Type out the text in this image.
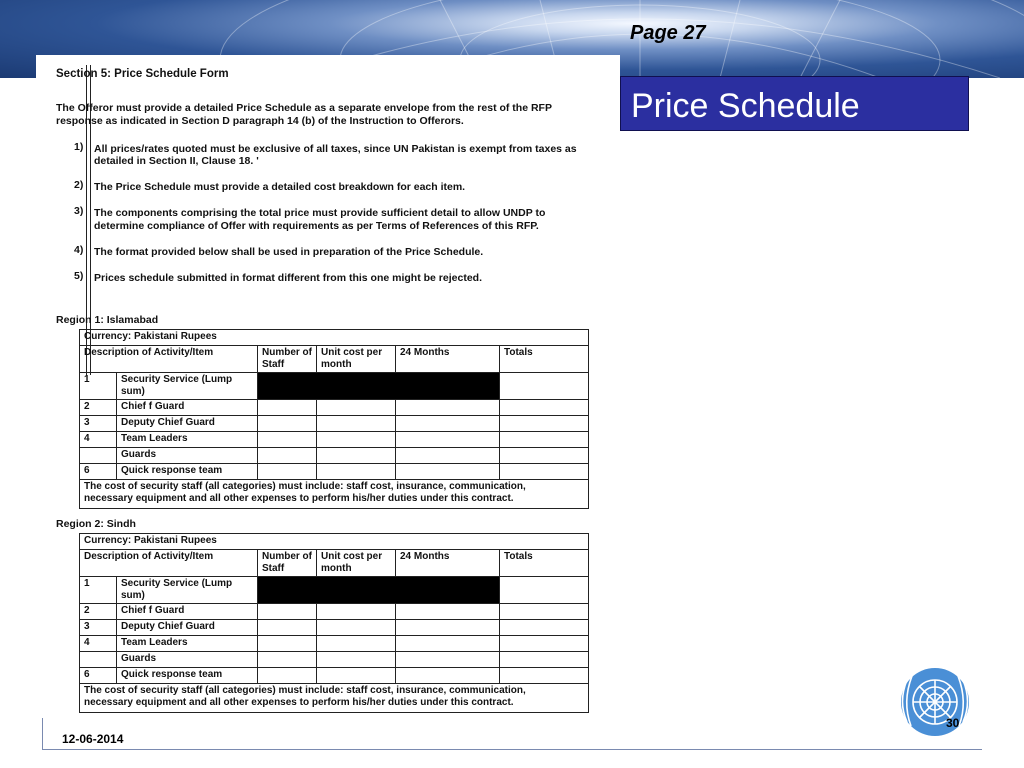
Page 27
Price Schedule
Section 5: Price Schedule Form
The Offeror must provide a detailed Price Schedule as a separate envelope from the rest of the RFP
response as indicated in Section D paragraph 14 (b) of the Instruction to Offerors.
1) All prices/rates quoted must be exclusive of all taxes, since UN Pakistan is exempt from taxes as
detailed in Section II, Clause 18. '
2) The Price Schedule must provide a detailed cost breakdown for each item.
3) The components comprising the total price must provide sufficient detail to allow UNDP to
determine compliance of Offer with requirements as per Terms of References of this RFP.
4) The format provided below shall be used in preparation of the Price Schedule.
5) Prices schedule submitted in format different from this one might be rejected.
Region 1: Islamabad
Currency: Pakistani Rupees					
Description of Activity/Item		Number of Staff	Unit cost per month	24 Months	Totals
1	Security Service (Lump sum)				
2	Chief f Guard				
3	Deputy Chief Guard				
4	Team Leaders				
	Guards				
6	Quick response team				
The cost of security staff (all categories) must include: staff cost, insurance, communication,
necessary equipment and all other expenses to perform his/her duties under this contract.					
Region 2: Sindh
Currency: Pakistani Rupees					
Description of Activity/Item		Number of Staff	Unit cost per month	24 Months	Totals
1	Security Service (Lump sum)				
2	Chief f Guard				
3	Deputy Chief Guard				
4	Team Leaders				
	Guards				
6	Quick response team				
The cost of security staff (all categories) must include: staff cost, insurance, communication,
necessary equipment and all other expenses to perform his/her duties under this contract.					
12-06-2014
30
